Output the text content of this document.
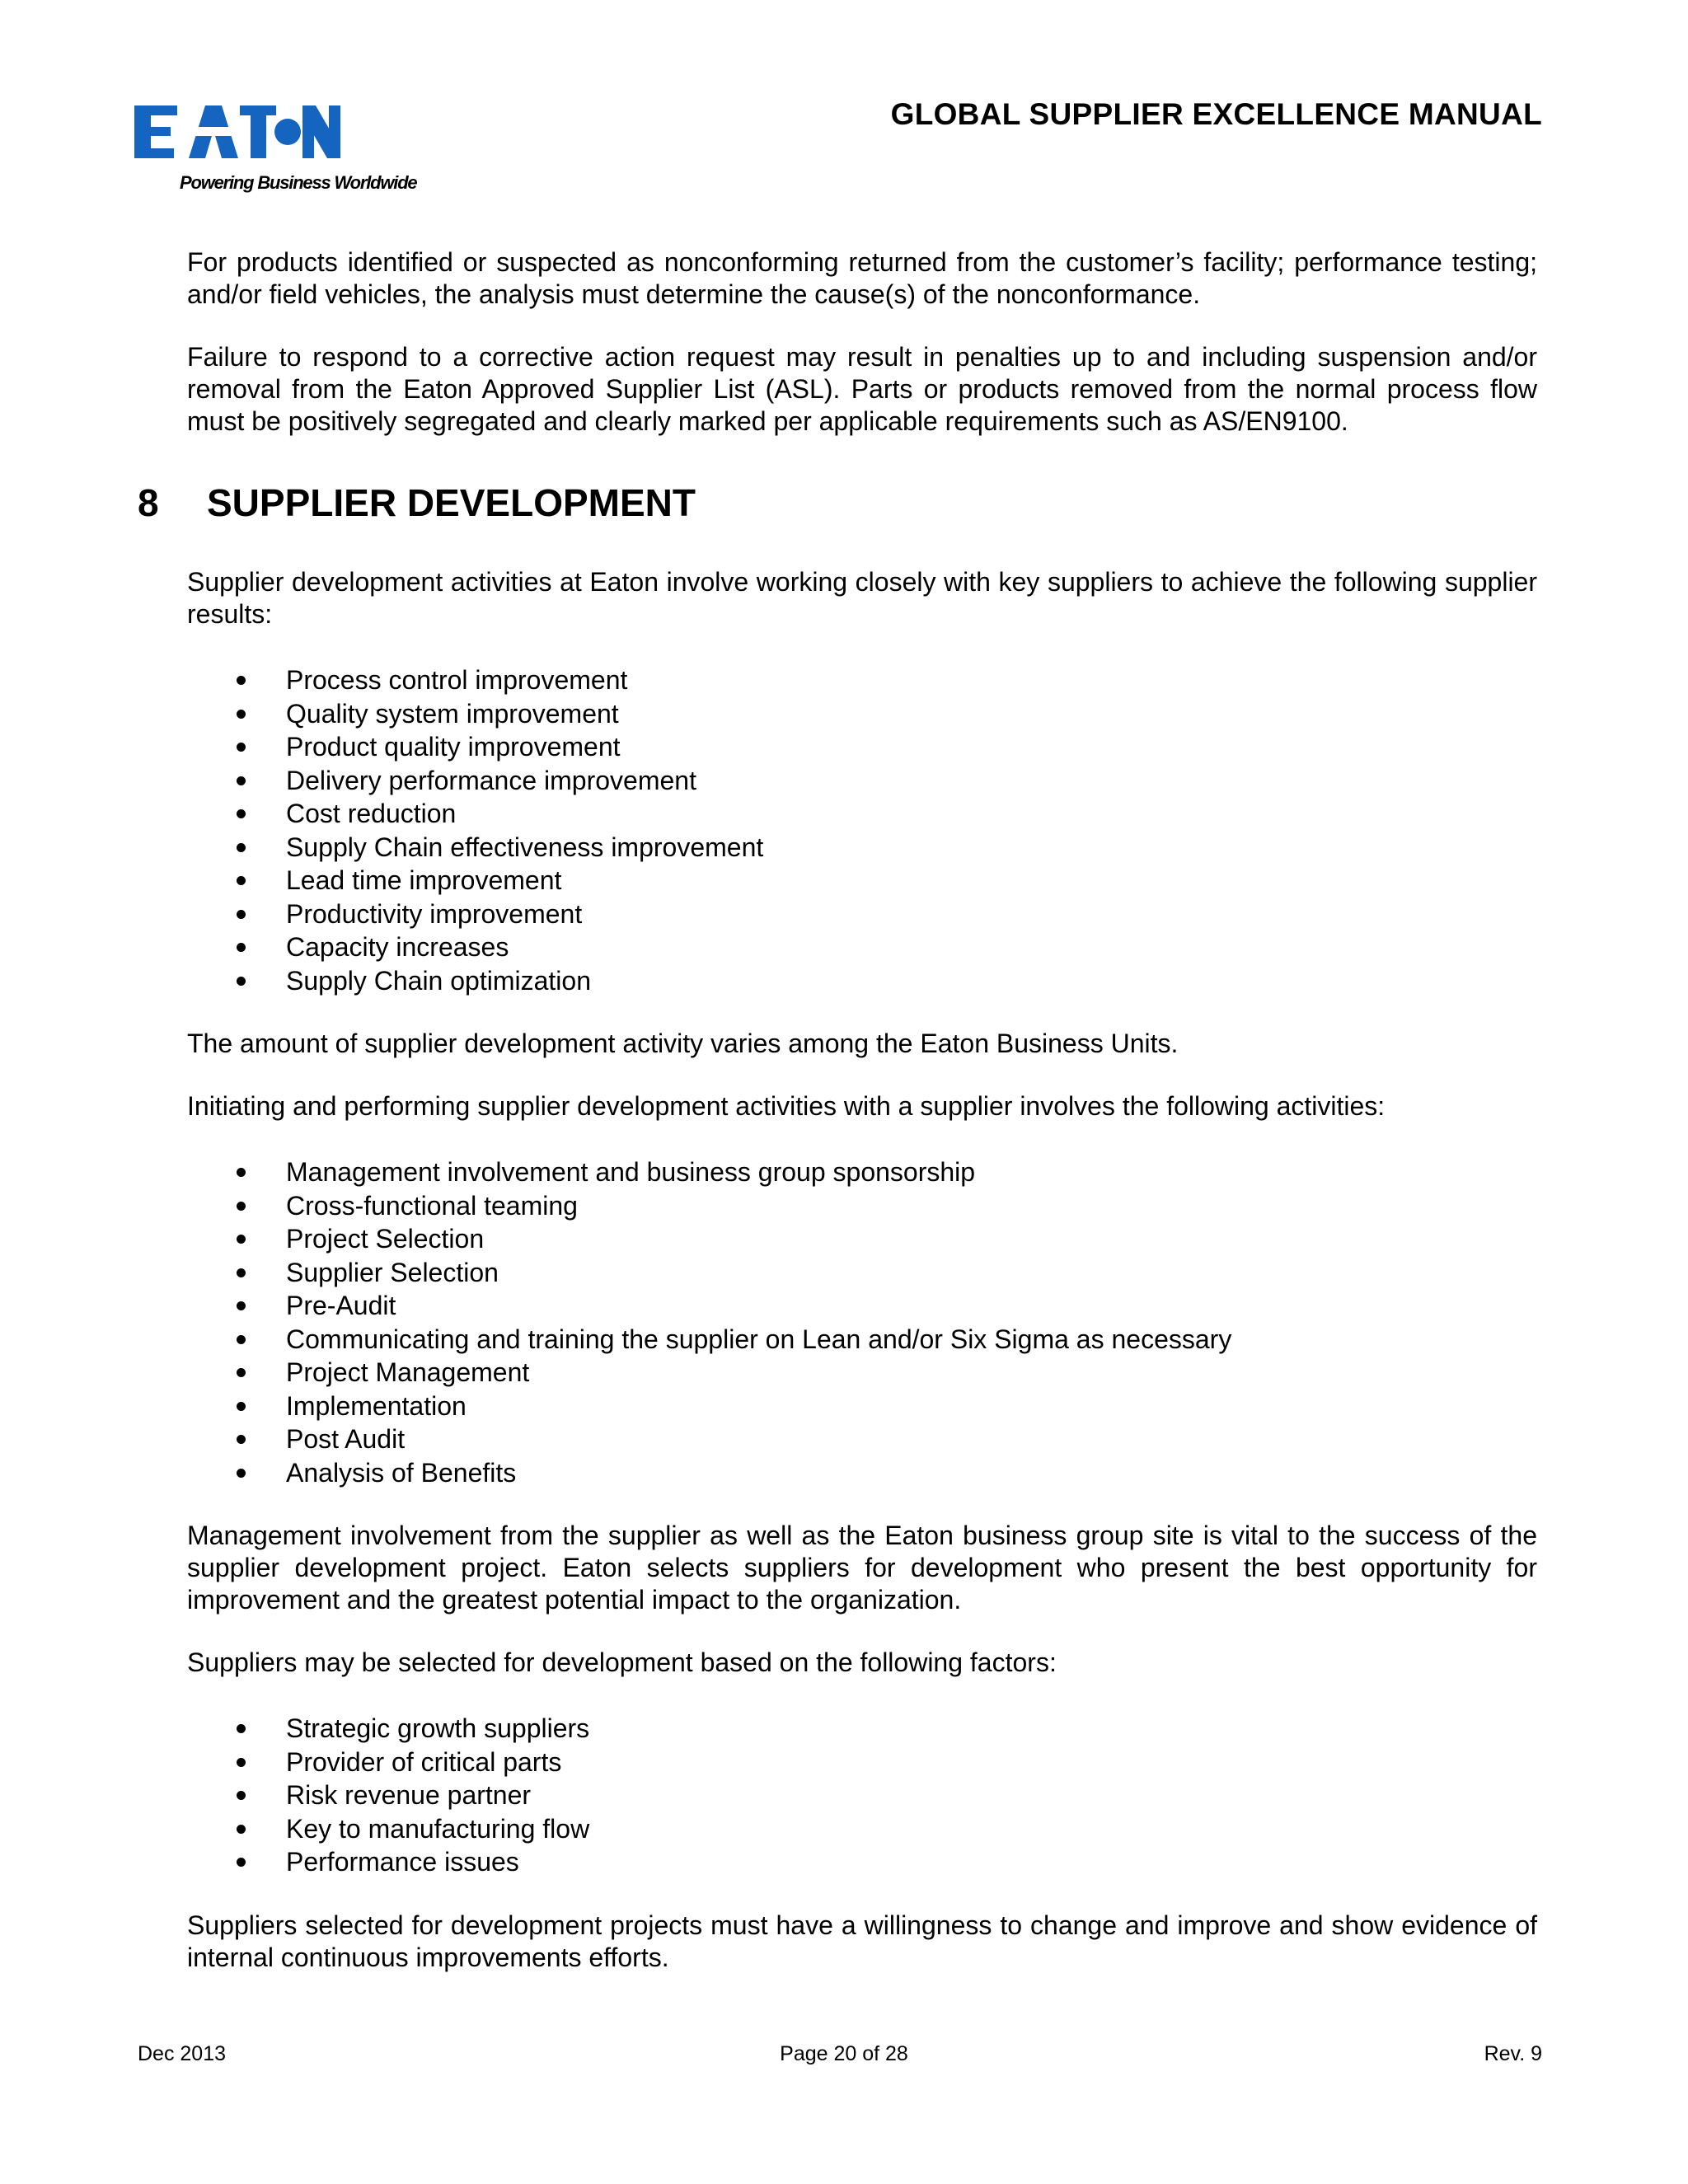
Powering Business Worldwide
GLOBAL SUPPLIER EXCELLENCE MANUAL

For products identified or suspected as nonconforming returned from the customer’s facility; performance testing; and/or field vehicles, the analysis must determine the cause(s) of the nonconformance.

Failure to respond to a corrective action request may result in penalties up to and including suspension and/or removal from the Eaton Approved Supplier List (ASL). Parts or products removed from the normal process flow must be positively segregated and clearly marked per applicable requirements such as AS/EN9100.

8 SUPPLIER DEVELOPMENT

Supplier development activities at Eaton involve working closely with key suppliers to achieve the following supplier results:

Process control improvement
Quality system improvement
Product quality improvement
Delivery performance improvement
Cost reduction
Supply Chain effectiveness improvement
Lead time improvement
Productivity improvement
Capacity increases
Supply Chain optimization

The amount of supplier development activity varies among the Eaton Business Units.

Initiating and performing supplier development activities with a supplier involves the following activities:

Management involvement and business group sponsorship
Cross-functional teaming
Project Selection
Supplier Selection
Pre-Audit
Communicating and training the supplier on Lean and/or Six Sigma as necessary
Project Management
Implementation
Post Audit
Analysis of Benefits

Management involvement from the supplier as well as the Eaton business group site is vital to the success of the supplier development project. Eaton selects suppliers for development who present the best opportunity for improvement and the greatest potential impact to the organization.

Suppliers may be selected for development based on the following factors:

Strategic growth suppliers
Provider of critical parts
Risk revenue partner
Key to manufacturing flow
Performance issues

Suppliers selected for development projects must have a willingness to change and improve and show evidence of internal continuous improvements efforts.

Dec 2013	Page 20 of 28	Rev. 9
